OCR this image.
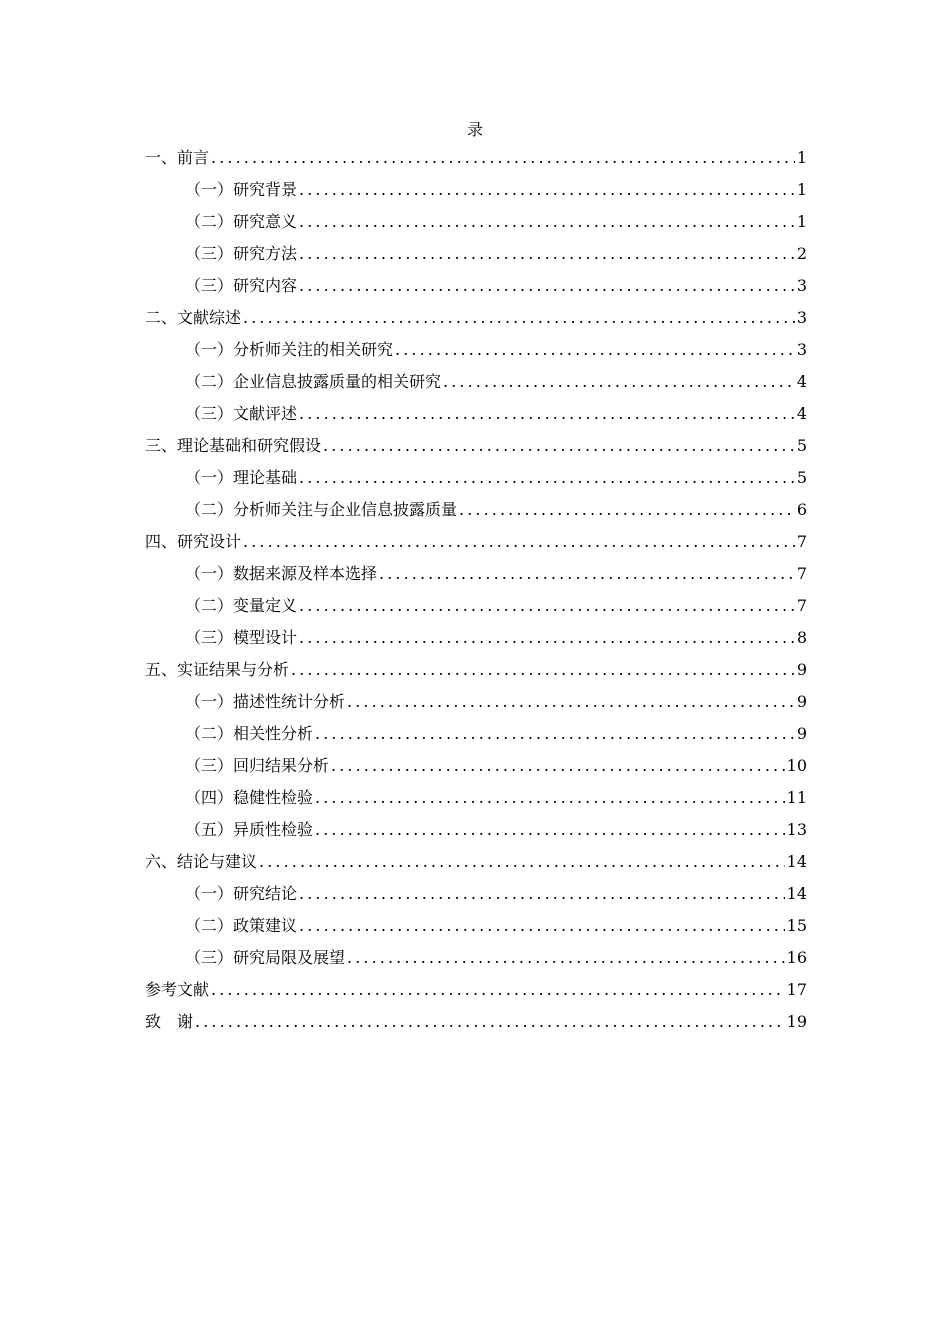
录
一、前言 .....	1
（一）研究背景 .....	1
（二）研究意义 .....	1
（三）研究方法 .....	2
（三）研究内容 .....	3
二、文献综述 .....	3
（一）分析师关注的相关研究 .....	3
（二）企业信息披露质量的相关研究 .....	4
（三）文献评述 .....	4
三、理论基础和研究假设 .....	5
（一）理论基础 .....	5
（二）分析师关注与企业信息披露质量 .....	6
四、研究设计 .....	7
（一）数据来源及样本选择 .....	7
（二）变量定义 .....	7
（三）模型设计 .....	8
五、实证结果与分析 .....	9
（一）描述性统计分析 .....	9
（二）相关性分析 .....	9
（三）回归结果分析 .....	10
（四）稳健性检验 .....	11
（五）异质性检验 .....	13
六、结论与建议 .....	14
（一）研究结论 .....	14
（二）政策建议 .....	15
（三）研究局限及展望 .....	16
参考文献 .....	17
致　谢 .....	19
